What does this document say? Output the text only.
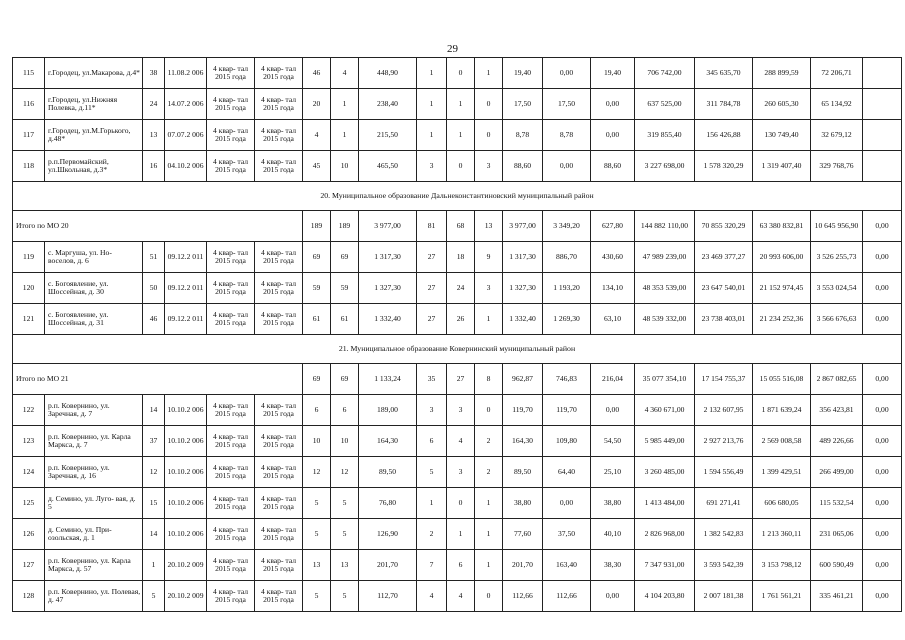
29
115	г.Городец, ул.Макарова, д.4*	38	11.08.2 006	4 квар- тал 2015 года	4 квар- тал 2015 года	46	4	448,90	1	0	1	19,40	0,00	19,40	706 742,00	345 635,70	288 899,59	72 206,71	
116	г.Городец, ул.Нижняя Полевка, д.11*	24	14.07.2 006	4 квар- тал 2015 года	4 квар- тал 2015 года	20	1	238,40	1	1	0	17,50	17,50	0,00	637 525,00	311 784,78	260 605,30	65 134,92	
117	г.Городец, ул.М.Горького, д.48*	13	07.07.2 006	4 квар- тал 2015 года	4 квар- тал 2015 года	4	1	215,50	1	1	0	8,78	8,78	0,00	319 855,40	156 426,88	130 749,40	32 679,12	
118	р.п.Первомайский, ул.Школьная, д.3*	16	04.10.2 006	4 квар- тал 2015 года	4 квар- тал 2015 года	45	10	465,50	3	0	3	88,60	0,00	88,60	3 227 698,00	1 578 320,29	1 319 407,40	329 768,76	
20. Муниципальное образование Дальнеконстантиновский муниципальный район																			
Итого по МО 20						189	189	3 977,00	81	68	13	3 977,00	3 349,20	627,80	144 882 110,00	70 855 320,29	63 380 832,81	10 645 956,90	0,00
119	с. Маргуша, ул. Но- воселов, д. 6	51	09.12.2 011	4 квар- тал 2015 года	4 квар- тал 2015 года	69	69	1 317,30	27	18	9	1 317,30	886,70	430,60	47 989 239,00	23 469 377,27	20 993 606,00	3 526 255,73	0,00
120	с. Богоявление, ул. Шоссейная, д. 30	50	09.12.2 011	4 квар- тал 2015 года	4 квар- тал 2015 года	59	59	1 327,30	27	24	3	1 327,30	1 193,20	134,10	48 353 539,00	23 647 540,01	21 152 974,45	3 553 024,54	0,00
121	с. Богоявление, ул. Шоссейная, д. 31	46	09.12.2 011	4 квар- тал 2015 года	4 квар- тал 2015 года	61	61	1 332,40	27	26	1	1 332,40	1 269,30	63,10	48 539 332,00	23 738 403,01	21 234 252,36	3 566 676,63	0,00
21. Муниципальное образование Ковернинский муниципальный район																			
Итого по МО 21						69	69	1 133,24	35	27	8	962,87	746,83	216,04	35 077 354,10	17 154 755,37	15 055 516,08	2 867 082,65	0,00
122	р.п. Ковернино, ул. Заречная, д. 7	14	10.10.2 006	4 квар- тал 2015 года	4 квар- тал 2015 года	6	6	189,00	3	3	0	119,70	119,70	0,00	4 360 671,00	2 132 607,95	1 871 639,24	356 423,81	0,00
123	р.п. Ковернино, ул. Карла Маркса, д. 7	37	10.10.2 006	4 квар- тал 2015 года	4 квар- тал 2015 года	10	10	164,30	6	4	2	164,30	109,80	54,50	5 985 449,00	2 927 213,76	2 569 008,58	489 226,66	0,00
124	р.п. Ковернино, ул. Заречная, д. 16	12	10.10.2 006	4 квар- тал 2015 года	4 квар- тал 2015 года	12	12	89,50	5	3	2	89,50	64,40	25,10	3 260 485,00	1 594 556,49	1 399 429,51	266 499,00	0,00
125	д. Семино, ул. Луго- вая, д. 5	15	10.10.2 006	4 квар- тал 2015 года	4 квар- тал 2015 года	5	5	76,80	1	0	1	38,80	0,00	38,80	1 413 484,00	691 271,41	606 680,05	115 532,54	0,00
126	д. Семино, ул. При- озольская, д. 1	14	10.10.2 006	4 квар- тал 2015 года	4 квар- тал 2015 года	5	5	126,90	2	1	1	77,60	37,50	40,10	2 826 968,00	1 382 542,83	1 213 360,11	231 065,06	0,00
127	р.п. Ковернино, ул. Карла Маркса, д. 57	1	20.10.2 009	4 квар- тал 2015 года	4 квар- тал 2015 года	13	13	201,70	7	6	1	201,70	163,40	38,30	7 347 931,00	3 593 542,39	3 153 798,12	600 590,49	0,00
128	р.п. Ковернино, ул. Полевая, д. 47	5	20.10.2 009	4 квар- тал 2015 года	4 квар- тал 2015 года	5	5	112,70	4	4	0	112,66	112,66	0,00	4 104 203,80	2 007 181,38	1 761 561,21	335 461,21	0,00
